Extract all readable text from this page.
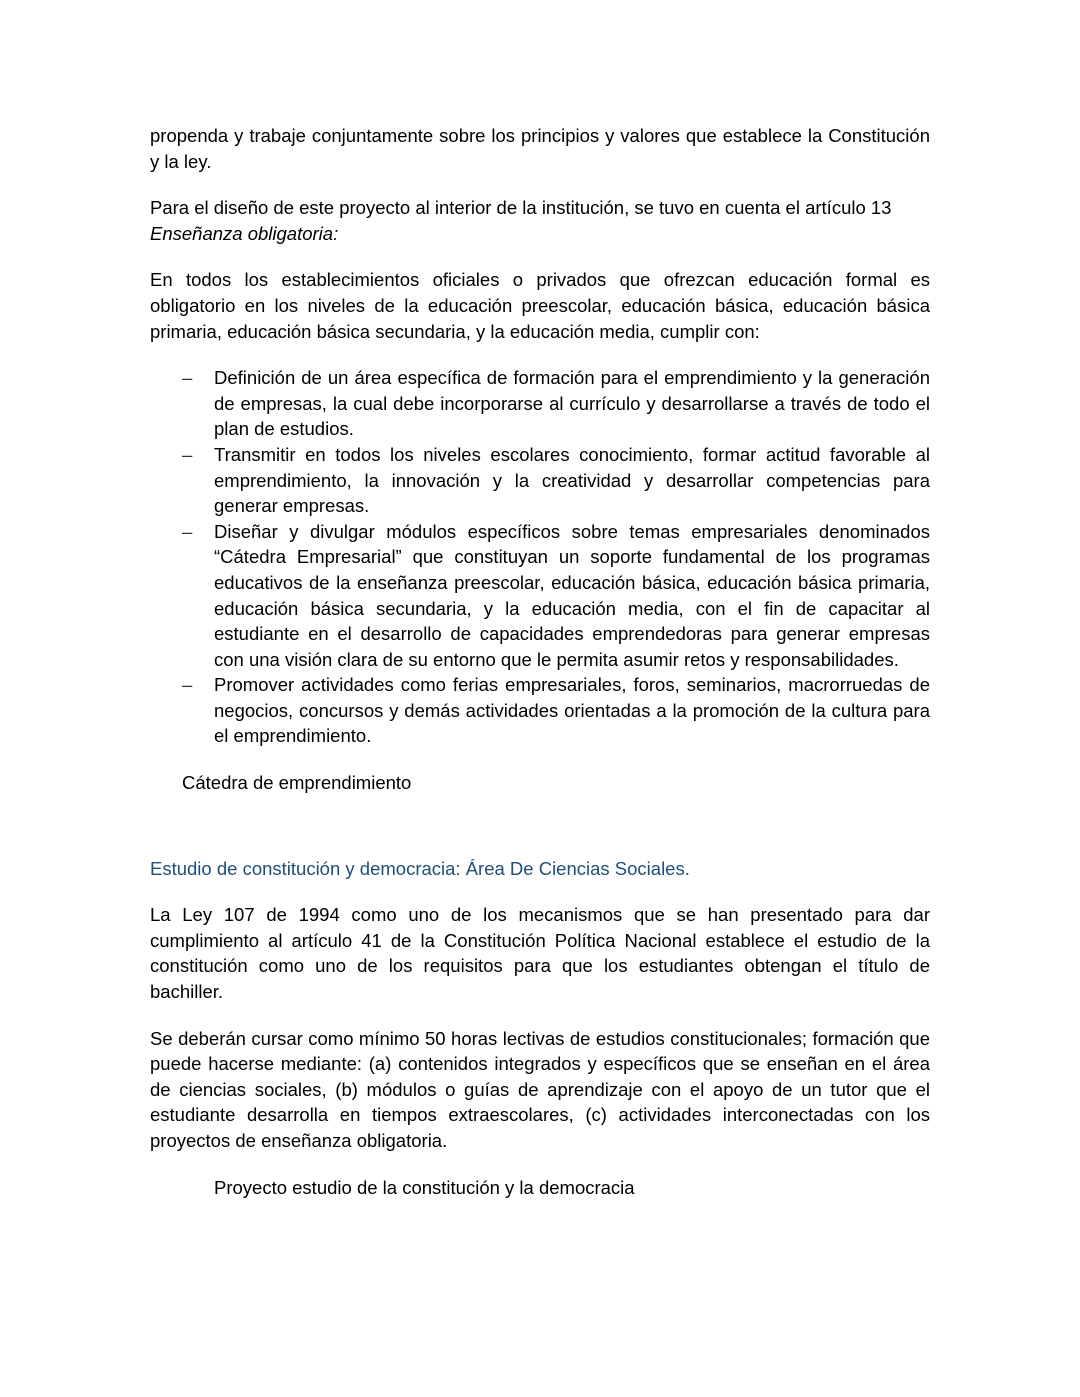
propenda y trabaje conjuntamente sobre los principios y valores que establece la Constitución y la ley.

Para el diseño de este proyecto al interior de la institución, se tuvo en cuenta el artículo 13
Enseñanza obligatoria:

En todos los establecimientos oficiales o privados que ofrezcan educación formal es obligatorio en los niveles de la educación preescolar, educación básica, educación básica primaria, educación básica secundaria, y la educación media, cumplir con:

– Definición de un área específica de formación para el emprendimiento y la generación de empresas, la cual debe incorporarse al currículo y desarrollarse a través de todo el plan de estudios.
– Transmitir en todos los niveles escolares conocimiento, formar actitud favorable al emprendimiento, la innovación y la creatividad y desarrollar competencias para generar empresas.
– Diseñar y divulgar módulos específicos sobre temas empresariales denominados “Cátedra Empresarial” que constituyan un soporte fundamental de los programas educativos de la enseñanza preescolar, educación básica, educación básica primaria, educación básica secundaria, y la educación media, con el fin de capacitar al estudiante en el desarrollo de capacidades emprendedoras para generar empresas con una visión clara de su entorno que le permita asumir retos y responsabilidades.
– Promover actividades como ferias empresariales, foros, seminarios, macrorruedas de negocios, concursos y demás actividades orientadas a la promoción de la cultura para el emprendimiento.

Cátedra de emprendimiento

Estudio de constitución y democracia: Área De Ciencias Sociales.

La Ley 107 de 1994 como uno de los mecanismos que se han presentado para dar cumplimiento al artículo 41 de la Constitución Política Nacional establece el estudio de la constitución como uno de los requisitos para que los estudiantes obtengan el título de bachiller.

Se deberán cursar como mínimo 50 horas lectivas de estudios constitucionales; formación que puede hacerse mediante: (a) contenidos integrados y específicos que se enseñan en el área de ciencias sociales, (b) módulos o guías de aprendizaje con el apoyo de un tutor que el estudiante desarrolla en tiempos extraescolares, (c) actividades interconectadas con los proyectos de enseñanza obligatoria.

Proyecto estudio de la constitución y la democracia
